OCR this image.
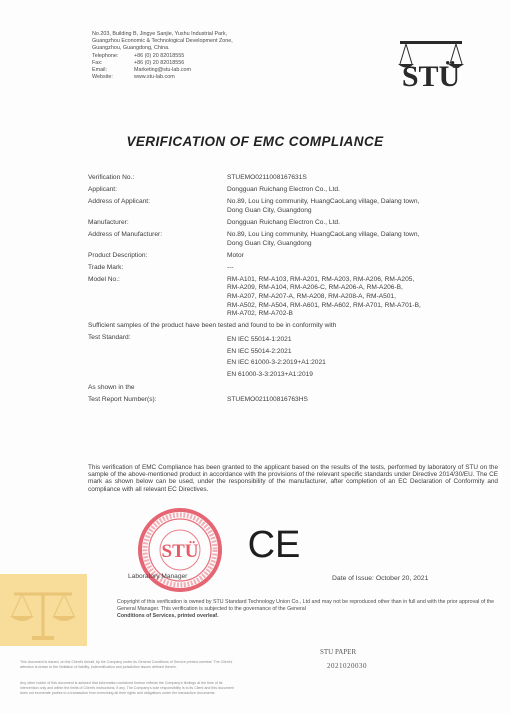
No.203, Building B, Jingye Sanjie, Yushu Industrial Park,
Guangzhou Economic & Technological Development Zone,
Guangzhou, Guangdong, China.
Telephone:	+86 (0) 20 82018555
Fax:	+86 (0) 20 82018556
Email:	Marketing@stu-lab.com
Website:	www.stu-lab.com	STÜ
VERIFICATION OF EMC COMPLIANCE
Verification No.:	STUEMO0211008167631S
Applicant:	Dongguan Ruichang Electron Co., Ltd.
Address of Applicant:	No.89, Lou Ling community, HuangCaoLang village, Dalang town,
Dong Guan City, Guangdong
Manufacturer:	Dongguan Ruichang Electron Co., Ltd.
Address of Manufacturer:	No.89, Lou Ling community, HuangCaoLang village, Dalang town,
Dong Guan City, Guangdong
Product Description:	Motor
Trade Mark:	---
Model No.:	RM-A101, RM-A103, RM-A201, RM-A203, RM-A206, RM-A205,
RM-A209, RM-A104, RM-A206-C, RM-A206-A, RM-A206-B,
RM-A207, RM-A207-A, RM-A208, RM-A208-A, RM-A501,
RM-A502, RM-A504, RM-A601, RM-A602, RM-A701, RM-A701-B,
RM-A702, RM-A702-B
Sufficient samples of the product have been tested and found to be in conformity with
Test Standard:	EN IEC 55014-1:2021
EN IEC 55014-2:2021
EN IEC 61000-3-2:2019+A1:2021
EN 61000-3-3:2013+A1:2019
As shown in the
Test Report Number(s):	STUEMO021100816763HS
This verification of EMC Compliance has been granted to the applicant based on the results of the tests, performed by laboratory of STU on the sample of the above-mentioned product in accordance with the provisions of the relevant specific standards under Directive 2014/30/EU. The CE mark as shown below can be used, under the responsibility of the manufacturer, after completion of an EC Declaration of Conformity and compliance with all relevant EC Directives.
STÜ CE
Laboratory Manager	Date of Issue: October 20, 2021
Copyright of this verification is owned by STU Standard Technology Union Co., Ltd and may not be reproduced other than in full and with the prior approval of the General Manager. This verification is subjected to the governance of the General
Conditions of Services, printed overleaf.
STU PAPER
2021020030
This document is issued, on the Client's behalf, by the Company under its General Conditions of Service printed overleaf. The Client's attention is drawn to the limitation of liability, indemnification and jurisdiction issues defined therein.
Any other holder of this document is advised that information contained hereon reflects the Company's findings at the time of its intervention only and within the limits of Client's instructions, if any. The Company's sole responsibility is to its Client and this document does not exonerate parties to a transaction from exercising all their rights and obligations under the transaction documents.
